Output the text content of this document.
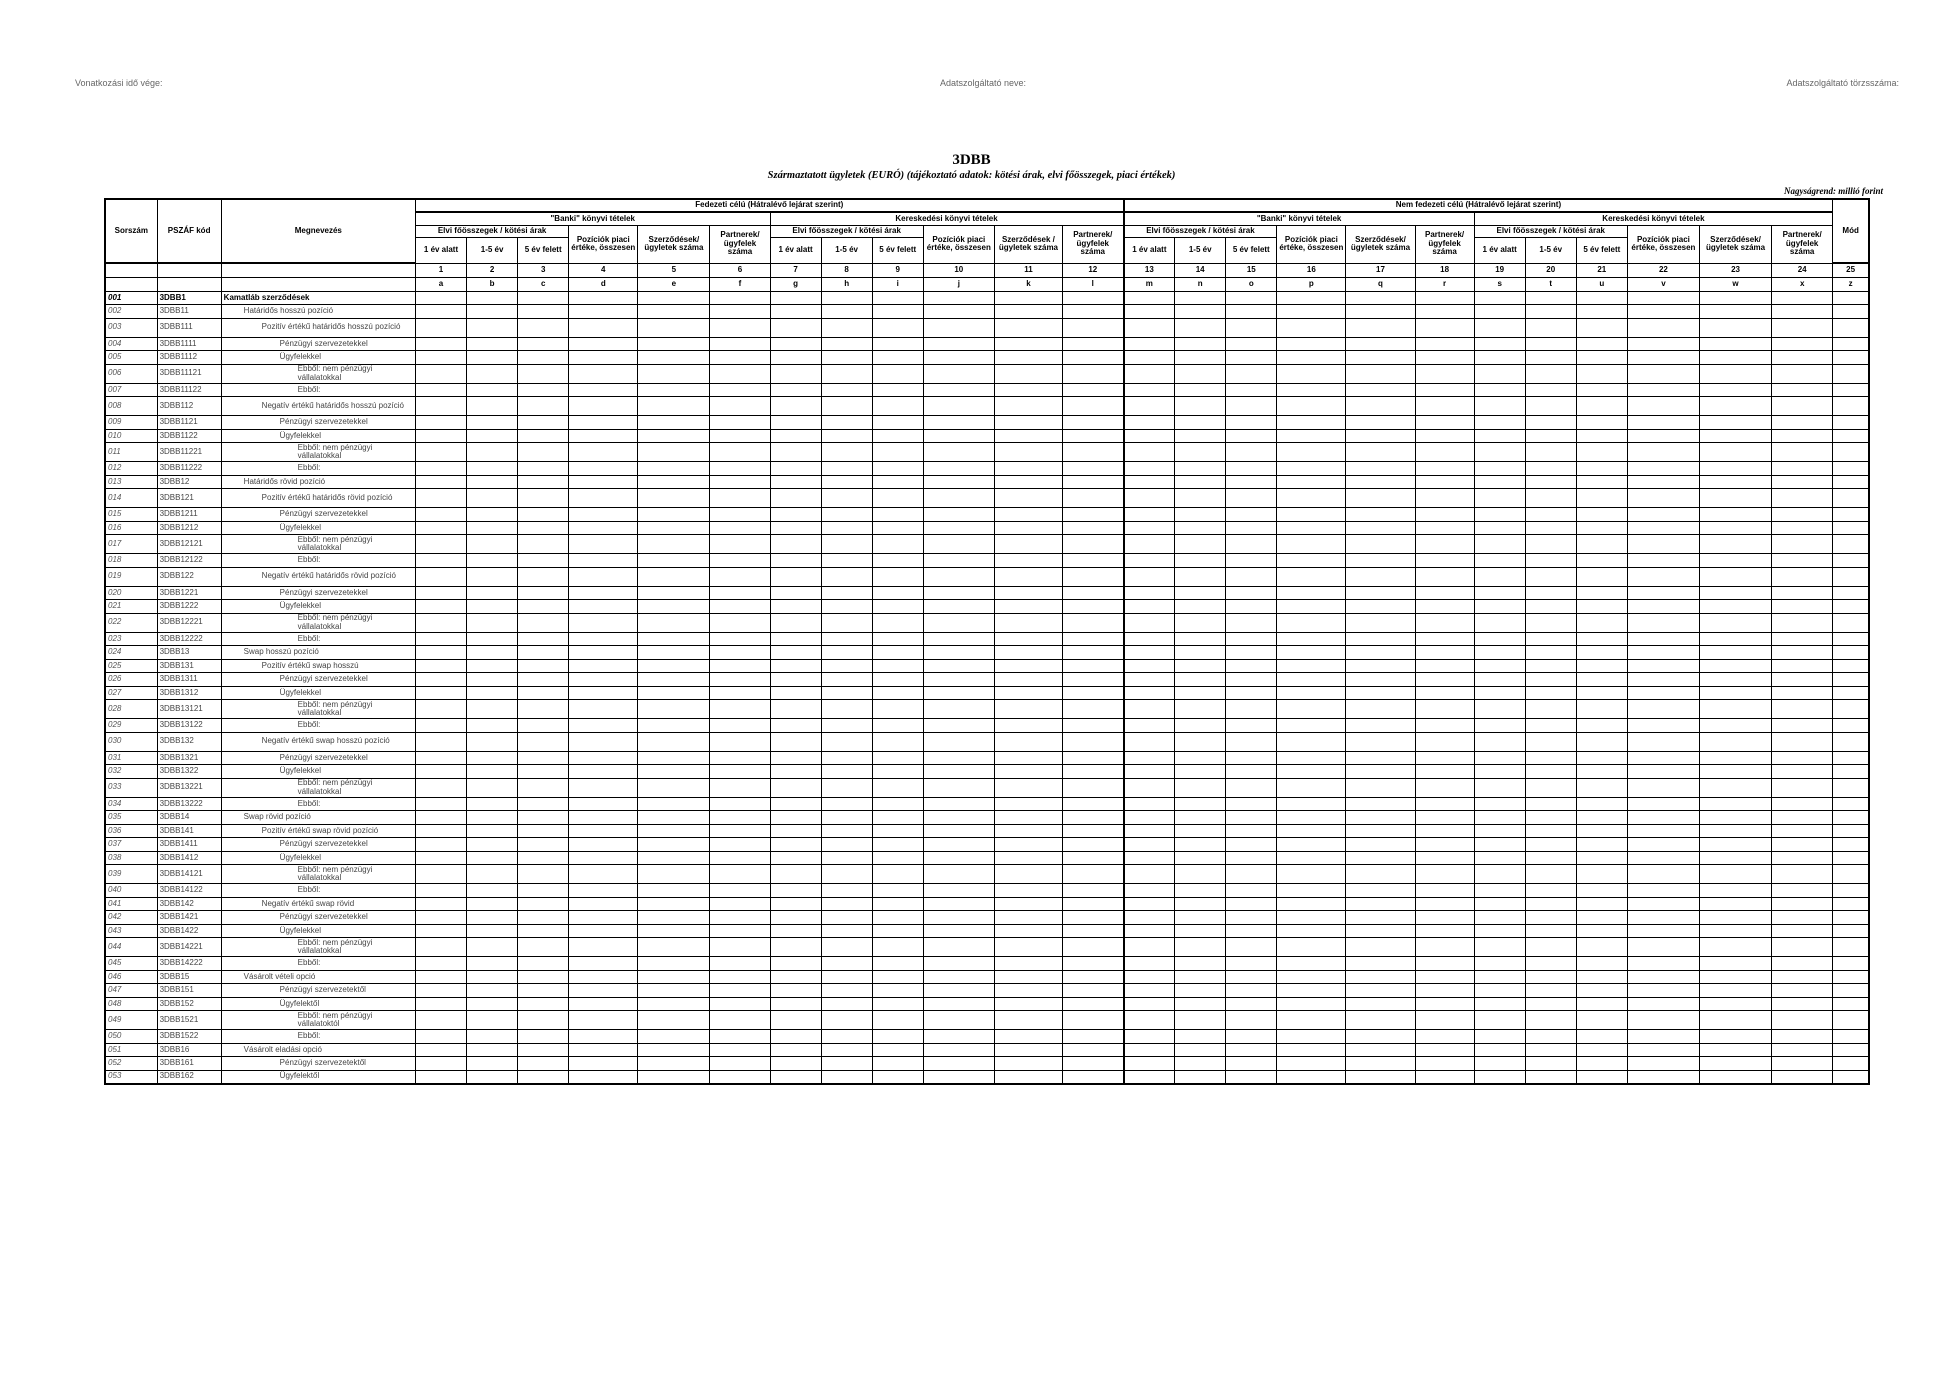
Vonatkozási idő vége:	Adatszolgáltató neve:	Adatszolgáltató törzsszáma:
3DBB
Származtatott ügyletek (EURÓ) (tájékoztató adatok: kötési árak, elvi főösszegek, piaci értékek)
Nagyságrend: millió forint
Sorszám	PSZÁF kód	Megnevezés	Fedezeti célú (Hátralévő lejárat szerint)												Nem fedezeti célú (Hátralévő lejárat szerint)												Mód
			"Banki" könyvi tételek						Kereskedési könyvi tételek						"Banki" könyvi tételek						Kereskedési könyvi tételek						
			Elvi főösszegek / kötési árak			Pozíciók piaci értéke, összesen	Szerződések/ ügyletek száma	Partnerek/ ügyfelek száma	Elvi főösszegek / kötési árak			Pozíciók piaci értéke, összesen	Szerződések / ügyletek száma	Partnerek/ ügyfelek száma	Elvi főösszegek / kötési árak			Pozíciók piaci értéke, összesen	Szerződések/ ügyletek száma	Partnerek/ ügyfelek száma	Elvi főösszegek / kötési árak			Pozíciók piaci értéke, összesen	Szerződések/ ügyletek száma	Partnerek/ ügyfelek száma	
			1 év alatt	1-5 év	5 év felett				1 év alatt	1-5 év	5 év felett				1 év alatt	1-5 év	5 év felett				1 év alatt	1-5 év	5 év felett				
			1	2	3	4	5	6	7	8	9	10	11	12	13	14	15	16	17	18	19	20	21	22	23	24	25
			a	b	c	d	e	f	g	h	i	j	k	l	m	n	o	p	q	r	s	t	u	v	w	x	z
001	3DBB1	Kamatláb szerződések																									
002	3DBB11	Határidős hosszú pozíció																									
003	3DBB111	Pozitív értékű határidős hosszú pozíció																									
004	3DBB1111	Pénzügyi szervezetekkel																									
005	3DBB1112	Ügyfelekkel																									
006	3DBB11121	Ebből: nem pénzügyi vállalatokkal																									
007	3DBB11122	Ebből:																									
008	3DBB112	Negatív értékű határidős hosszú pozíció																									
009	3DBB1121	Pénzügyi szervezetekkel																									
010	3DBB1122	Ügyfelekkel																									
011	3DBB11221	Ebből: nem pénzügyi vállalatokkal																									
012	3DBB11222	Ebből:																									
013	3DBB12	Határidős rövid pozíció																									
014	3DBB121	Pozitív értékű határidős rövid pozíció																									
015	3DBB1211	Pénzügyi szervezetekkel																									
016	3DBB1212	Ügyfelekkel																									
017	3DBB12121	Ebből: nem pénzügyi vállalatokkal																									
018	3DBB12122	Ebből:																									
019	3DBB122	Negatív értékű határidős rövid pozíció																									
020	3DBB1221	Pénzügyi szervezetekkel																									
021	3DBB1222	Ügyfelekkel																									
022	3DBB12221	Ebből: nem pénzügyi vállalatokkal																									
023	3DBB12222	Ebből:																									
024	3DBB13	Swap hosszú pozíció																									
025	3DBB131	Pozitív értékű swap hosszú																									
026	3DBB1311	Pénzügyi szervezetekkel																									
027	3DBB1312	Ügyfelekkel																									
028	3DBB13121	Ebből: nem pénzügyi vállalatokkal																									
029	3DBB13122	Ebből:																									
030	3DBB132	Negatív értékű swap hosszú pozíció																									
031	3DBB1321	Pénzügyi szervezetekkel																									
032	3DBB1322	Ügyfelekkel																									
033	3DBB13221	Ebből: nem pénzügyi vállalatokkal																									
034	3DBB13222	Ebből:																									
035	3DBB14	Swap rövid pozíció																									
036	3DBB141	Pozitív értékű swap rövid pozíció																									
037	3DBB1411	Pénzügyi szervezetekkel																									
038	3DBB1412	Ügyfelekkel																									
039	3DBB14121	Ebből: nem pénzügyi vállalatokkal																									
040	3DBB14122	Ebből:																									
041	3DBB142	Negatív értékű swap rövid																									
042	3DBB1421	Pénzügyi szervezetekkel																									
043	3DBB1422	Ügyfelekkel																									
044	3DBB14221	Ebből: nem pénzügyi vállalatokkal																									
045	3DBB14222	Ebből:																									
046	3DBB15	Vásárolt vételi opció																									
047	3DBB151	Pénzügyi szervezetektől																									
048	3DBB152	Ügyfelektől																									
049	3DBB1521	Ebből: nem pénzügyi vállalatoktól																									
050	3DBB1522	Ebből:																									
051	3DBB16	Vásárolt eladási opció																									
052	3DBB161	Pénzügyi szervezetektől																									
053	3DBB162	Ügyfelektől																									
